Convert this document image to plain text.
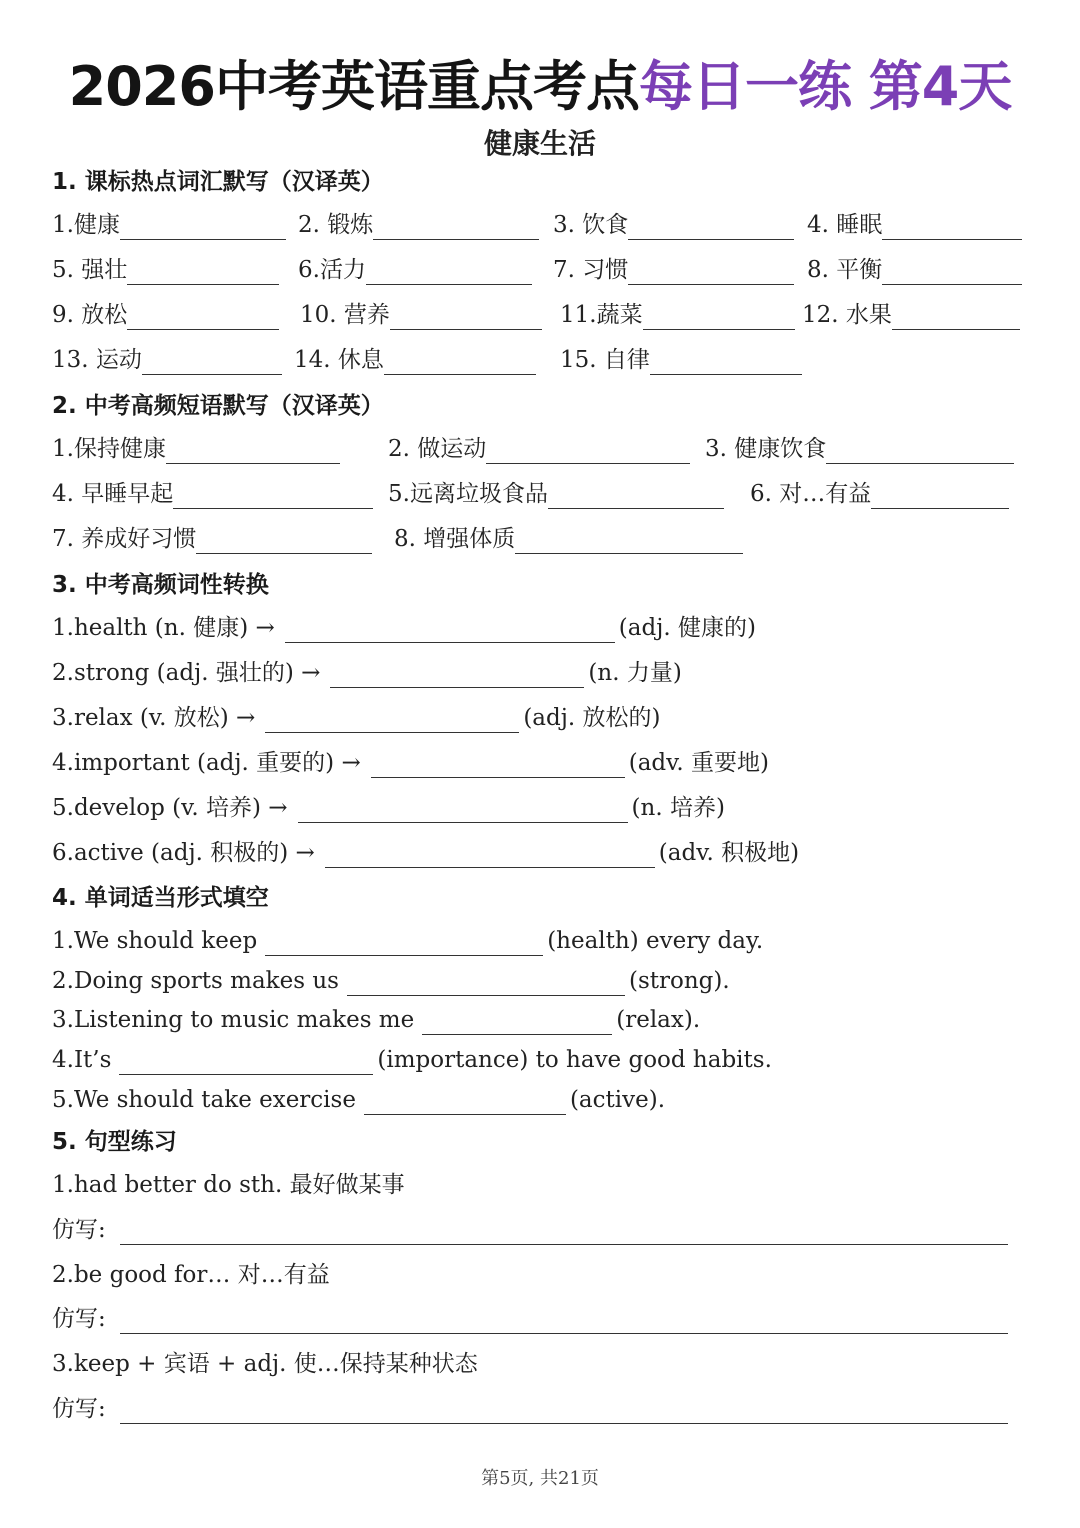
2026中考英语重点考点每日一练 第4天
健康生活
1. 课标热点词汇默写（汉译英）
1.健康	2. 锻炼	3. 饮食	4. 睡眠
5. 强壮	6.活力	7. 习惯	8. 平衡
9. 放松	10. 营养	11.蔬菜	12. 水果
13. 运动	14. 休息	15. 自律
2. 中考高频短语默写（汉译英）
1.保持健康	2. 做运动	3. 健康饮食
4. 早睡早起	5.远离垃圾食品	6. 对…有益
7. 养成好习惯	8. 增强体质
3. 中考高频词性转换
1.health (n. 健康) →	(adj. 健康的)
2.strong (adj. 强壮的) →	(n. 力量)
3.relax (v. 放松) →	(adj. 放松的)
4.important (adj. 重要的) →	(adv. 重要地)
5.develop (v. 培养) →	(n. 培养)
6.active (adj. 积极的) →	(adv. 积极地)
4. 单词适当形式填空
1.We should keep	(health) every day.
2.Doing sports makes us	(strong).
3.Listening to music makes me	(relax).
4.It’s	(importance) to have good habits.
5.We should take exercise	(active).
5. 句型练习
1.had better do sth. 最好做某事
仿写:
2.be good for… 对…有益
仿写:
3.keep + 宾语 + adj. 使…保持某种状态
仿写:
第5页, 共21页
